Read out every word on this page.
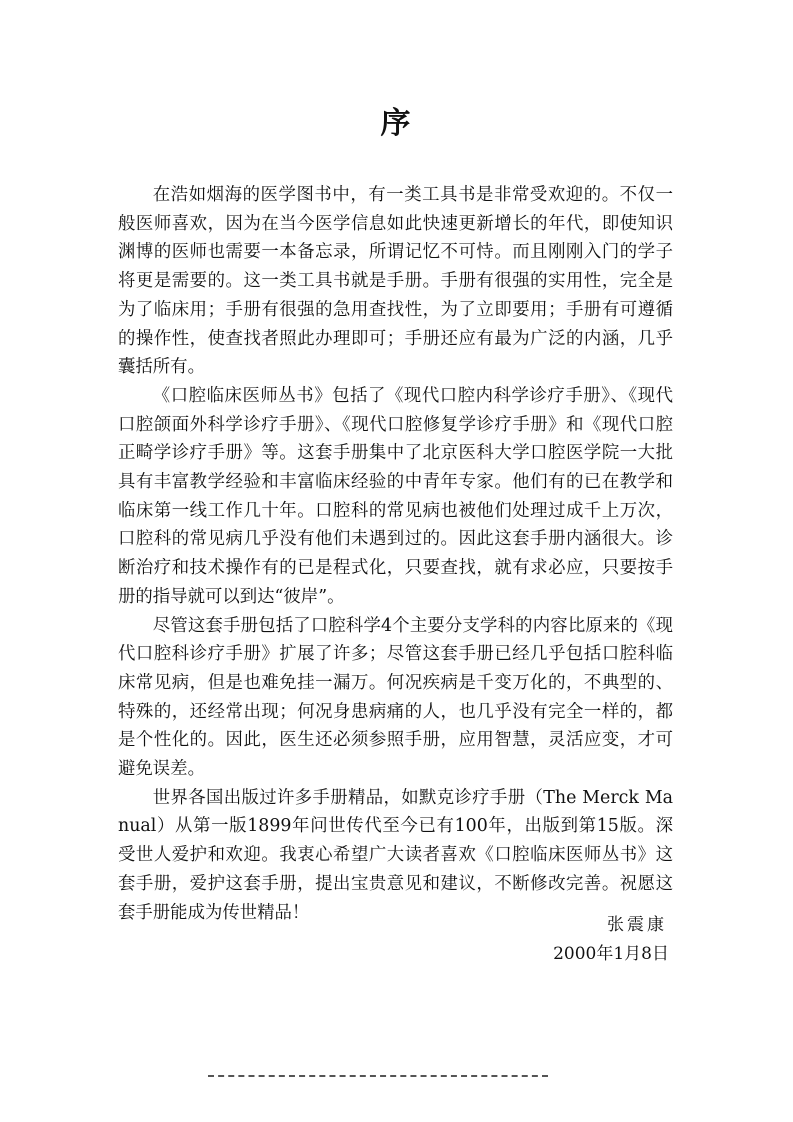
序

在浩如烟海的医学图书中，有一类工具书是非常受欢迎的。不仅一般医师喜欢，因为在当今医学信息如此快速更新增长的年代，即使知识渊博的医师也需要一本备忘录，所谓记忆不可恃。而且刚刚入门的学子将更是需要的。这一类工具书就是手册。手册有很强的实用性，完全是为了临床用；手册有很强的急用查找性，为了立即要用；手册有可遵循的操作性，使查找者照此办理即可；手册还应有最为广泛的内涵，几乎囊括所有。

《口腔临床医师丛书》包括了《现代口腔内科学诊疗手册》、《现代口腔颌面外科学诊疗手册》、《现代口腔修复学诊疗手册》和《现代口腔正畸学诊疗手册》等。这套手册集中了北京医科大学口腔医学院一大批具有丰富教学经验和丰富临床经验的中青年专家。他们有的已在教学和临床第一线工作几十年。口腔科的常见病也被他们处理过成千上万次，口腔科的常见病几乎没有他们未遇到过的。因此这套手册内涵很大。诊断治疗和技术操作有的已是程式化，只要查找，就有求必应，只要按手册的指导就可以到达“彼岸”。

尽管这套手册包括了口腔科学4个主要分支学科的内容比原来的《现代口腔科诊疗手册》扩展了许多；尽管这套手册已经几乎包括口腔科临床常见病，但是也难免挂一漏万。何况疾病是千变万化的，不典型的、特殊的，还经常出现；何况身患病痛的人，也几乎没有完全一样的，都是个性化的。因此，医生还必须参照手册，应用智慧，灵活应变，才可避免误差。

世界各国出版过许多手册精品，如默克诊疗手册（The Merck Manual）从第一版1899年问世传代至今已有100年，出版到第15版。深受世人爱护和欢迎。我衷心希望广大读者喜欢《口腔临床医师丛书》这套手册，爱护这套手册，提出宝贵意见和建议，不断修改完善。祝愿这套手册能成为传世精品！

张震康
2000年1月8日
